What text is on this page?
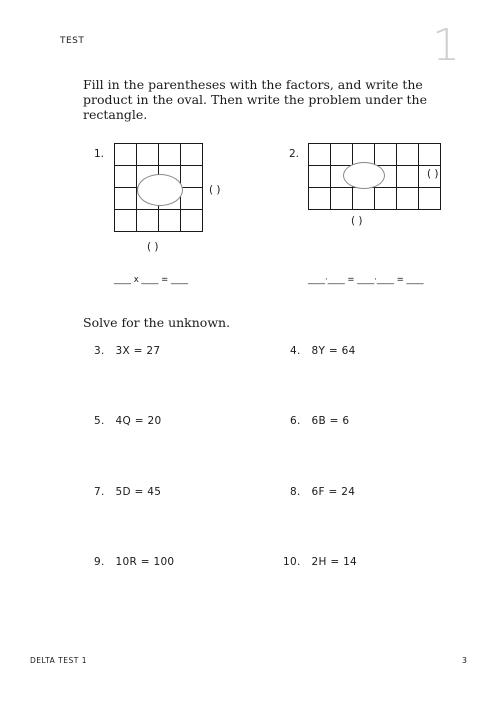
TEST	1
Fill in the parentheses with the factors, and write the product in the oval. Then write the problem under the rectangle.
1.

( )
( )
____ x ____ = ____
2.

( )
( )
____·____ = ____·____ = ____
Solve for the unknown.
3. 3X = 27	4. 8Y = 64
5. 4Q = 20	6. 6B = 6
7. 5D = 45	8. 6F = 24
9. 10R = 100	10. 2H = 14
DELTA TEST 1	3
